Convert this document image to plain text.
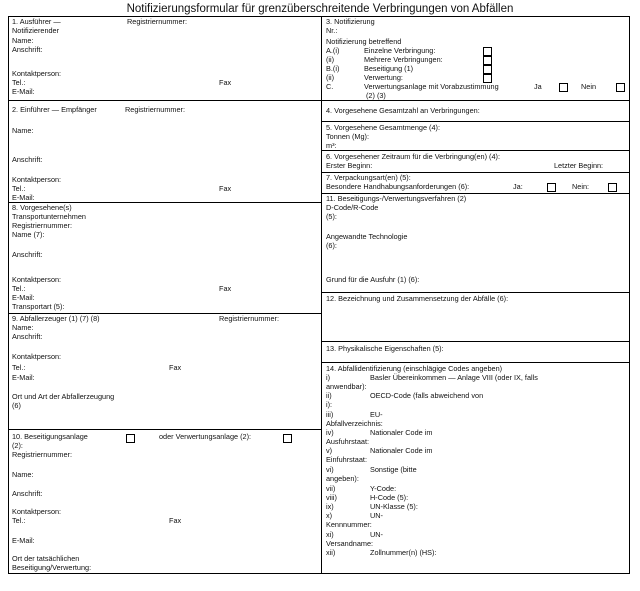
Notifizierungsformular für grenzüberschreitende Verbringungen von Abfällen
1. Ausführer —	Registriernummer:
Notifizierender
Name:
Anschrift:
Kontaktperson:
Tel.:	Fax
E-Mail:
2. Einführer — Empfänger	Registriernummer:
Name:
Anschrift:
Kontaktperson:
Tel.:	Fax
E-Mail:
8. Vorgesehene(s)
Transportunternehmen
Registriernummer:
Name (7):
Anschrift:
Kontaktperson:
Tel.:	Fax
E-Mail:
Transportart (5):
9. Abfallerzeuger (1) (7) (8)	Registriernummer:
Name:
Anschrift:
Kontaktperson:
Tel.:	Fax
E-Mail:
Ort und Art der Abfallerzeugung
(6)
10. Beseitigungsanlage	oder Verwertungsanlage (2):
(2):
Registriernummer:
Name:
Anschrift:
Kontaktperson:
Tel.:	Fax
E-Mail:
Ort der tatsächlichen
Beseitigung/Verwertung:
3. Notifizierung
Nr.:
Notifizierung betreffend
A.(i)	Einzelne Verbringung:
(ii)	Mehrere Verbringungen:
B.(i)	Beseitigung (1)
(ii)	Verwertung:
C.	Verwertungsanlage mit Vorabzustimmung	Ja	Nein
(2) (3)
4. Vorgesehene Gesamtzahl an Verbringungen:
5. Vorgesehene Gesamtmenge (4):
Tonnen (Mg):
m³:
6. Vorgesehener Zeitraum für die Verbringung(en) (4):
Erster Beginn:	Letzter Beginn:
7. Verpackungsart(en) (5):
Besondere Handhabungsanforderungen (6):	Ja:	Nein:
11. Beseitigungs-/Verwertungsverfahren (2)
D-Code/R-Code
(5):
Angewandte Technologie
(6):
Grund für die Ausfuhr (1) (6):
12. Bezeichnung und Zusammensetzung der Abfälle (6):
13. Physikalische Eigenschaften (5):
14. Abfallidentifizierung (einschlägige Codes angeben)
i)	Basler Übereinkommen — Anlage VIII (oder IX, falls
anwendbar):
ii)	OECD-Code (falls abweichend von
i):
iii)	EU-
Abfallverzeichnis:
iv)	Nationaler Code im
Ausfuhrstaat:
v)	Nationaler Code im
Einfuhrstaat:
vi)	Sonstige (bitte
angeben):
vii)	Y-Code:
viii)	H-Code (5):
ix)	UN-Klasse (5):
x)	UN-
Kennnummer:
xi)	UN-
Versandname:
xii)	Zollnummer(n) (HS):
